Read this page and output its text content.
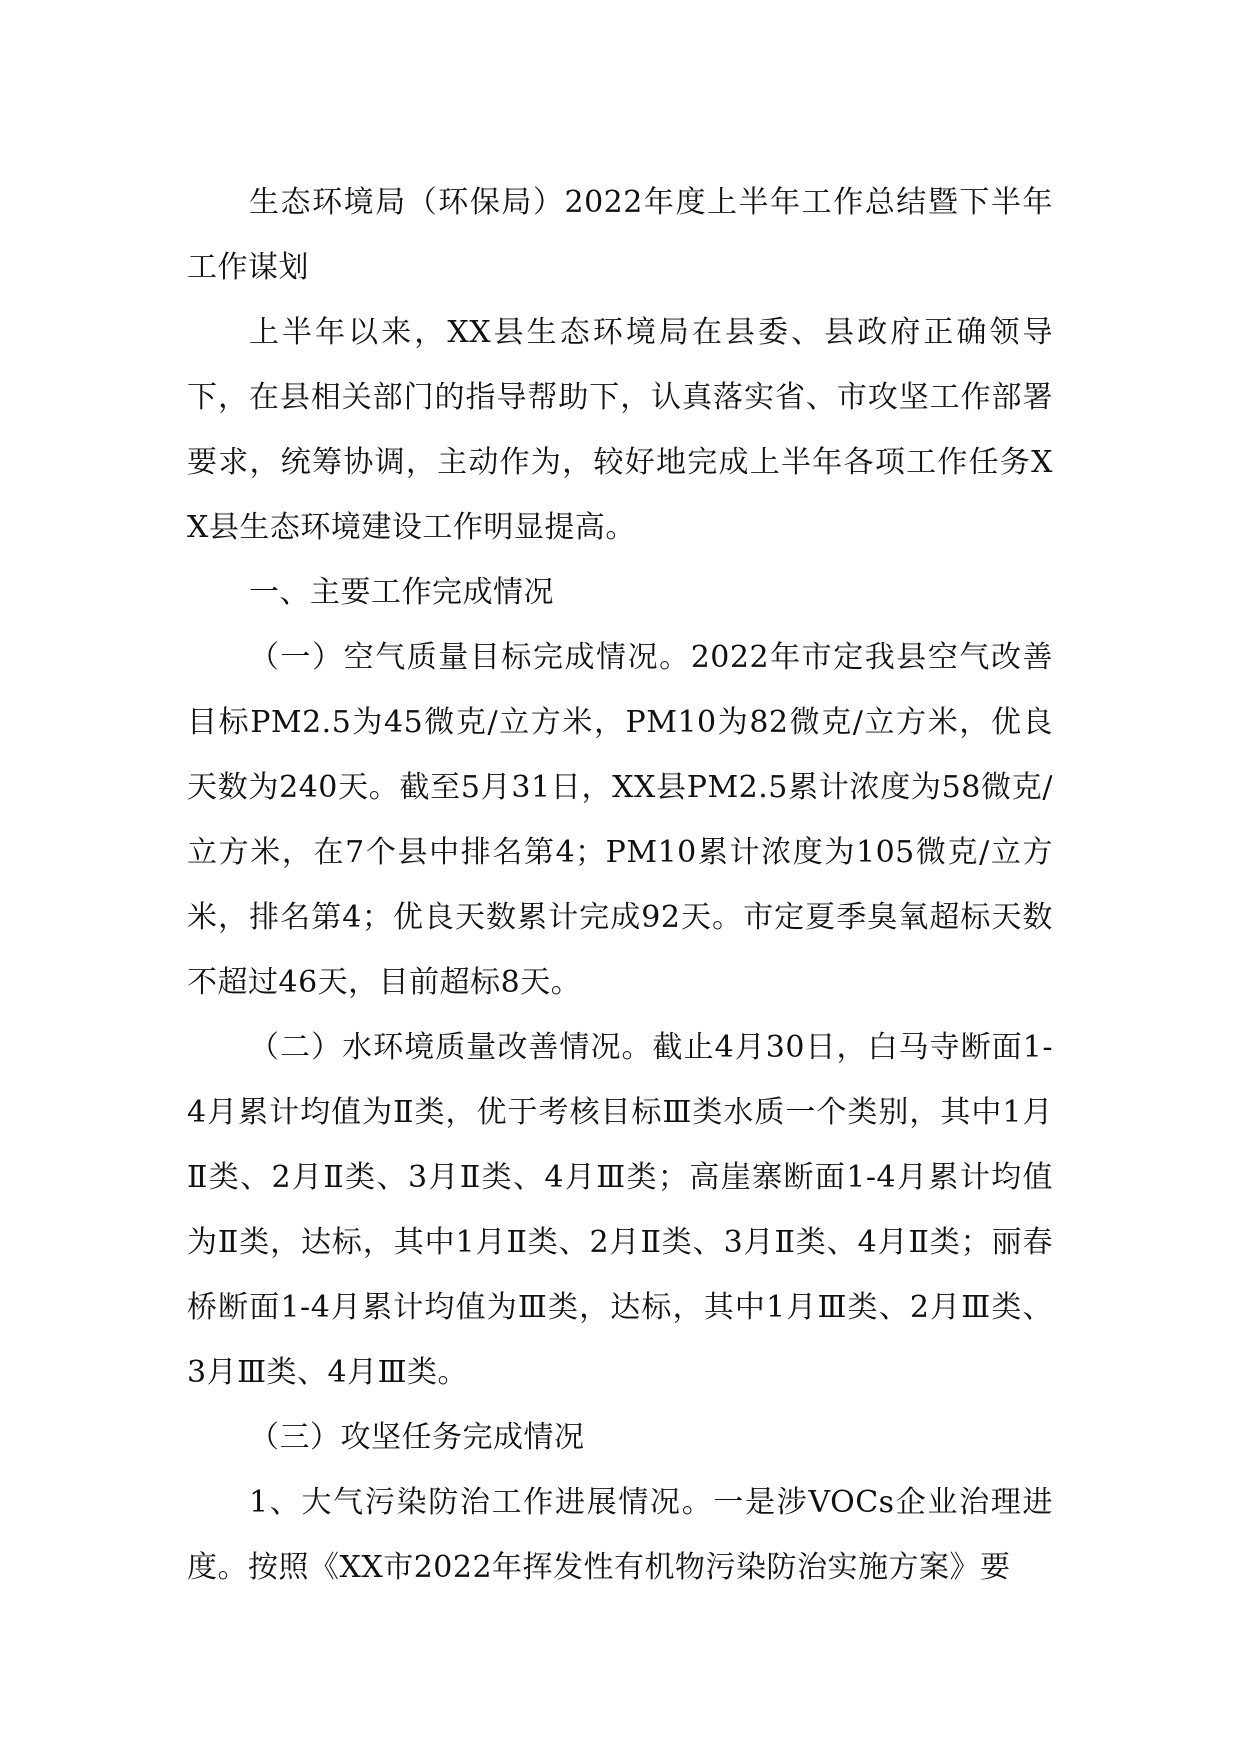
生态环境局（环保局）2022年度上半年工作总结暨下半年工作谋划

上半年以来，XX县生态环境局在县委、县政府正确领导下，在县相关部门的指导帮助下，认真落实省、市攻坚工作部署要求，统筹协调，主动作为，较好地完成上半年各项工作任务XX县生态环境建设工作明显提高。

一、主要工作完成情况

（一）空气质量目标完成情况。2022年市定我县空气改善目标PM2.5为45微克/立方米，PM10为82微克/立方米，优良天数为240天。截至5月31日，XX县PM2.5累计浓度为58微克/立方米，在7个县中排名第4；PM10累计浓度为105微克/立方米，排名第4；优良天数累计完成92天。市定夏季臭氧超标天数不超过46天，目前超标8天。

（二）水环境质量改善情况。截止4月30日，白马寺断面1-4月累计均值为Ⅱ类，优于考核目标Ⅲ类水质一个类别，其中1月Ⅱ类、2月Ⅱ类、3月Ⅱ类、4月Ⅲ类；高崖寨断面1-4月累计均值为Ⅱ类，达标，其中1月Ⅱ类、2月Ⅱ类、3月Ⅱ类、4月Ⅱ类；丽春桥断面1-4月累计均值为Ⅲ类，达标，其中1月Ⅲ类、2月Ⅲ类、3月Ⅲ类、4月Ⅲ类。

（三）攻坚任务完成情况

1、大气污染防治工作进展情况。一是涉VOCs企业治理进度。按照《XX市2022年挥发性有机物污染防治实施方案》要
